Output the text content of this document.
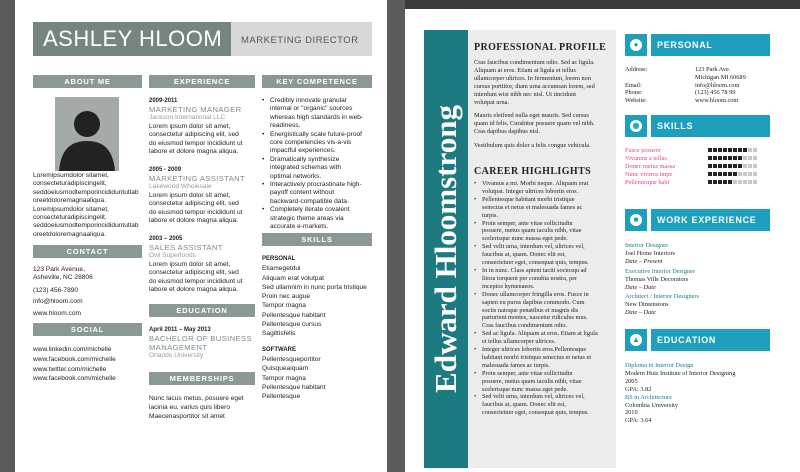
ASHLEY HLOOM	MARKETING DIRECTOR
ABOUT ME
Loremipsumdolor sitamet,
consecteturadipiscingelit,
seddoeiusmodtemporincididuntutlab
oreetdoloremagnaaliqua.
Loremipsumdolor sitamet,
consecteturadipiscingelit,
seddoeiusmodtemporincididuntutlab
oreetdoloremagnaaliqua.
CONTACT
123 Park Avenue,
Asheville, NC 28806
(123) 456-7890
info@hloom.com
www.hloom.com
SOCIAL
www.linkedin.com/michelle
www.facebook.com/michelle
www.twitter.com/michelle
www.facebook.com/michelle
EXPERIENCE
2009-2011
MARKETING MANAGER
Jackson International LLC
Lorem ipsum dolor sit amet,
consectetur adipiscing elit, sed
do eiusmod tempor incididunt ut
labore et dolore magna aliqua.
2005 - 2009
MARKETING ASSISTANT
Lakewood Wholesale
Lorem ipsum dolor sit amet,
consectetur adipiscing elit, sed
do eiusmod tempor incididunt ut
labore et dolore magna aliqua.
2003 – 2005
SALES ASSISTANT
Owl Superfoods
Lorem ipsum dolor sit amet,
consectetur adipiscing elit, sed
do eiusmod tempor incididunt ut
labore et dolore magna aliqua.
EDUCATION
April 2011 – May 2013
BACHELOR OF BUSINESS
MANAGEMENT
Orlando University
MEMBERSHIPS
Nunc lacus metus, posuere eget
lacinia eu, varius quis libero
Maecenasportitor sit amet
KEY COMPETENCE
• Credibly innovate granular
internal or "organic" sources
whereas high standards in web-
readiness.
• Energistically scale future-proof
core competencies vis-a-vis
impactful experiences.
• Dramatically synthesize
integrated schemas with
optimal networks.
• Interactively procrastinate high-
payoff content without
backward-compatible data.
• Completely iterate covalent
strategic theme areas via
accurate e-markets.
SKILLS
PERSONAL
Etiamegetdui
Aliquam erat volutpat
Sed ullamnim in nunc porta tristique
Proin nec augue
Tempor magna
Pellentesque habitant
Pellentesque cursus
Sagittisfelis
SOFTWARE
Pellentesqueportitor
Quisqueaiquam
Tempor magna
Pellentesque habitant
Pellentesque
Edward Hloomstrong
PROFESSIONAL PROFILE
Cras faucibus condimentum odio. Sed ac ligula.
Aliquam at eros. Etiam at ligula et tellus
ullamcorper ultrices. In fermentum, lorem non
cursus porttitor, diam urna accumsan lorem, sed
interdum wisi nibh nec nisl. Ut tincidunt
volutpat urna.
Mauris eleifend nulla eget mauris. Sed cursus
quam id felis. Curabitur posuere quam vel nibh.
Cras dapibus dapibus nisl.
Vestibulum quis dolor a felis congue vehicula.
CAREER HIGHLIGHTS
• Vivamus a mi. Morbi neque. Aliquam erat
volutpat. Integer ultrices lobortis eros.
• Pellentesque habitant morbi tristique
senectus et netus et malesuada fames ac
turpis.
• Proin semper, ante vitae sollicitudin
posuere, metus quam iaculis nibh, vitae
scelerisque nunc massa eget pede.
• Sed velit urna, interdum vel, ultrices vel,
faucibus at, quam. Donec elit est,
consectetuer eget, consequat quis, tempus.
• In in nunc. Class aptent taciti sociosqu ad
litora torquent per conubia nostra, per
inceptos hymenaeos.
• Donec ullamcorper fringilla eros. Fusce in
sapien eu purus dapibus commodo. Cum
sociis natoque penatibus et magnis dis
parturient montes, nascetur ridiculus mus.
Cras faucibus condimentum odio.
• Sed ac ligula. Aliquam at eros. Etiam at ligula
et tellus ullamcorper ultrices.
• Integer ultrices lobortis eros.Pellentesque
habitant morbi tristique senectus et netus et
malesuada fames ac turpis.
• Proin semper, ante vitae sollicitudin
posuere, metus quam iaculis nibh, vitae
scelerisque nunc massa eget pede.
• Sed velit urna, interdum vel, ultrices vel,
faucibus at, quam. Donec elit est,
consectetuer eget, consequat quis, tempus.
●	PERSONAL
Address:	123 Park Ave.
Michigan MI 60689

Email:	info@hloom.com
Phone:	(123) 456 78 99
Website:	www.hloom.com
◉	SKILLS
Fusce posuere
Vivamus a tellus
Donec metus massa
Nunc viverra impe
Pellentesque habi
■	WORK EXPERIENCE
Interior Designer
Joel Home Interiors
Date – Present
Executive Interior Designer
Thomas Ville Decorators
Date – Date
Architect / Interior Designers
New Dimensions
Date – Date
▲	EDUCATION
Diploma in Interior Design
Modern Huts Institute of Interior Designing
2005
GPA: 3.82
BS in Architecture
Colombia University
2010
GPA: 3.64
